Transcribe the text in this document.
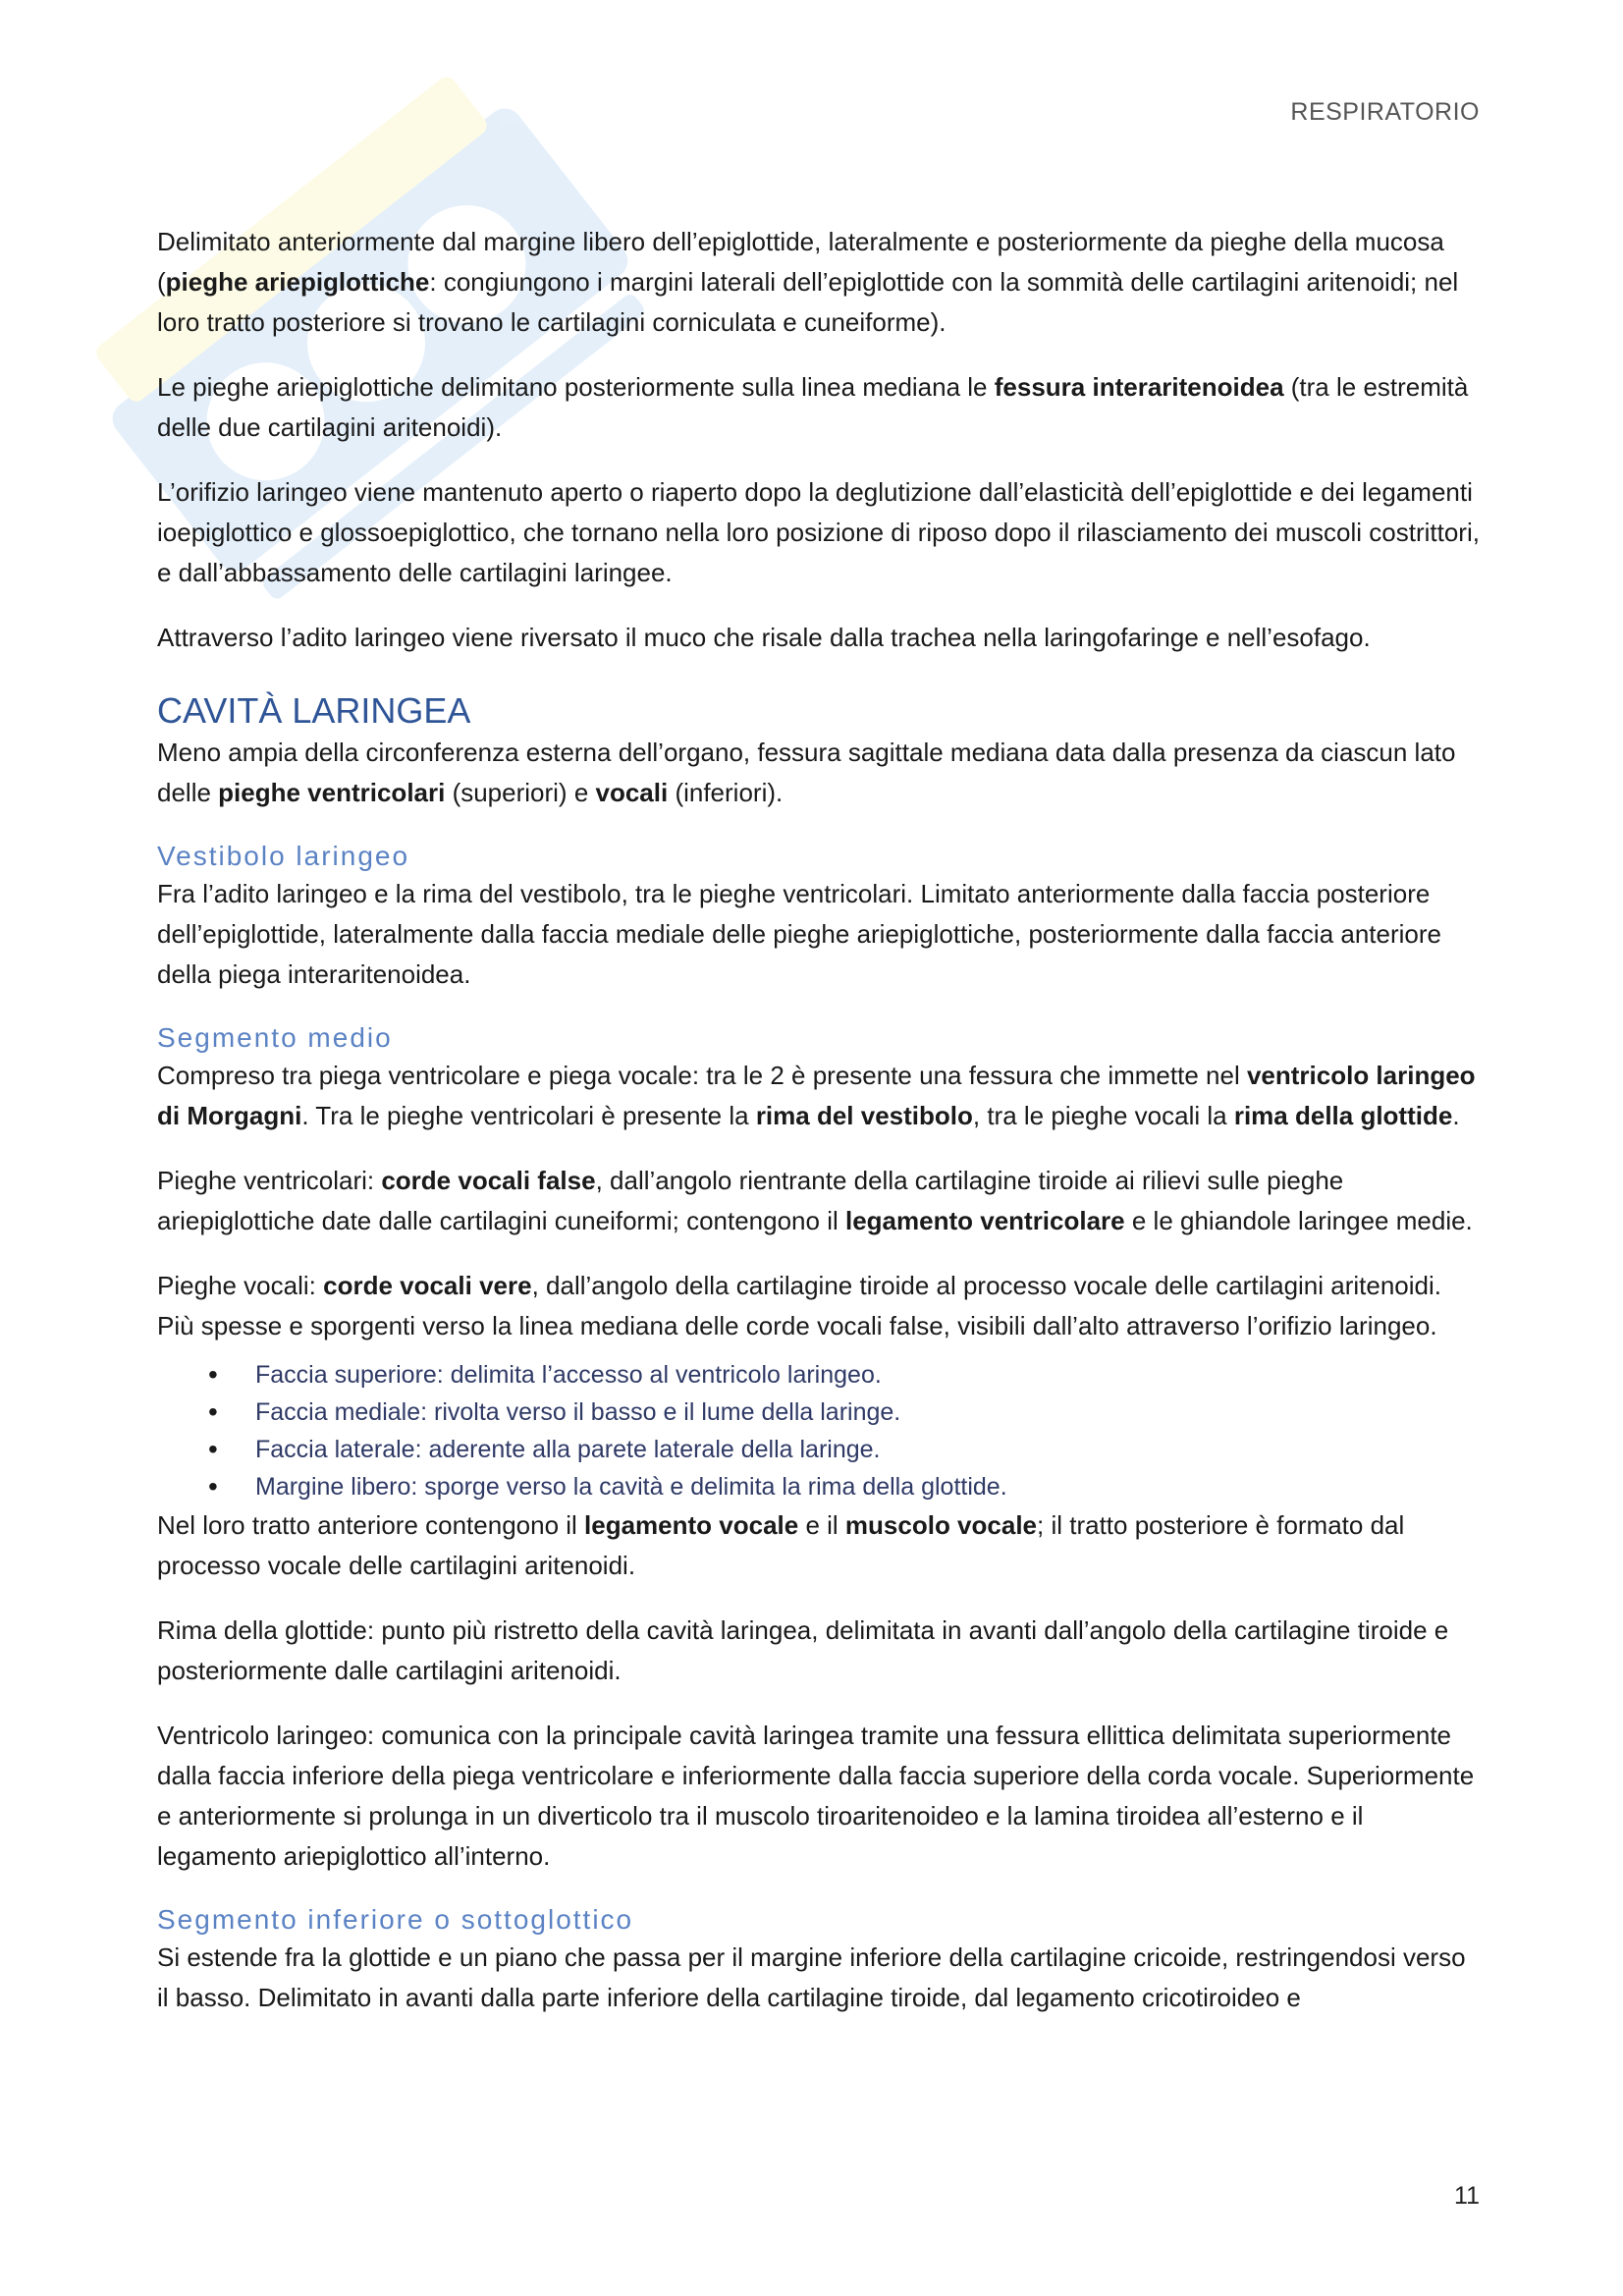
RESPIRATORIO

Delimitato anteriormente dal margine libero dell’epiglottide, lateralmente e posteriormente da pieghe della mucosa (pieghe ariepiglottiche: congiungono i margini laterali dell’epiglottide con la sommità delle cartilagini aritenoidi; nel loro tratto posteriore si trovano le cartilagini corniculata e cuneiforme).

Le pieghe ariepiglottiche delimitano posteriormente sulla linea mediana le fessura interaritenoidea (tra le estremità delle due cartilagini aritenoidi).

L’orifizio laringeo viene mantenuto aperto o riaperto dopo la deglutizione dall’elasticità dell’epiglottide e dei legamenti ioepiglottico e glossoepiglottico, che tornano nella loro posizione di riposo dopo il rilasciamento dei muscoli costrittori, e dall’abbassamento delle cartilagini laringee.

Attraverso l’adito laringeo viene riversato il muco che risale dalla trachea nella laringofaringe e nell’esofago.

CAVITÀ LARINGEA

Meno ampia della circonferenza esterna dell’organo, fessura sagittale mediana data dalla presenza da ciascun lato delle pieghe ventricolari (superiori) e vocali (inferiori).

Vestibolo laringeo

Fra l’adito laringeo e la rima del vestibolo, tra le pieghe ventricolari. Limitato anteriormente dalla faccia posteriore dell’epiglottide, lateralmente dalla faccia mediale delle pieghe ariepiglottiche, posteriormente dalla faccia anteriore della piega interaritenoidea.

Segmento medio

Compreso tra piega ventricolare e piega vocale: tra le 2 è presente una fessura che immette nel ventricolo laringeo di Morgagni. Tra le pieghe ventricolari è presente la rima del vestibolo, tra le pieghe vocali la rima della glottide.

Pieghe ventricolari: corde vocali false, dall’angolo rientrante della cartilagine tiroide ai rilievi sulle pieghe ariepiglottiche date dalle cartilagini cuneiformi; contengono il legamento ventricolare e le ghiandole laringee medie.

Pieghe vocali: corde vocali vere, dall’angolo della cartilagine tiroide al processo vocale delle cartilagini aritenoidi. Più spesse e sporgenti verso la linea mediana delle corde vocali false, visibili dall’alto attraverso l’orifizio laringeo.

• Faccia superiore: delimita l’accesso al ventricolo laringeo.
• Faccia mediale: rivolta verso il basso e il lume della laringe.
• Faccia laterale: aderente alla parete laterale della laringe.
• Margine libero: sporge verso la cavità e delimita la rima della glottide.

Nel loro tratto anteriore contengono il legamento vocale e il muscolo vocale; il tratto posteriore è formato dal processo vocale delle cartilagini aritenoidi.

Rima della glottide: punto più ristretto della cavità laringea, delimitata in avanti dall’angolo della cartilagine tiroide e posteriormente dalle cartilagini aritenoidi.

Ventricolo laringeo: comunica con la principale cavità laringea tramite una fessura ellittica delimitata superiormente dalla faccia inferiore della piega ventricolare e inferiormente dalla faccia superiore della corda vocale. Superiormente e anteriormente si prolunga in un diverticolo tra il muscolo tiroaritenoideo e la lamina tiroidea all’esterno e il legamento ariepiglottico all’interno.

Segmento inferiore o sottoglottico

Si estende fra la glottide e un piano che passa per il margine inferiore della cartilagine cricoide, restringendosi verso il basso. Delimitato in avanti dalla parte inferiore della cartilagine tiroide, dal legamento cricotiroideo e

11
